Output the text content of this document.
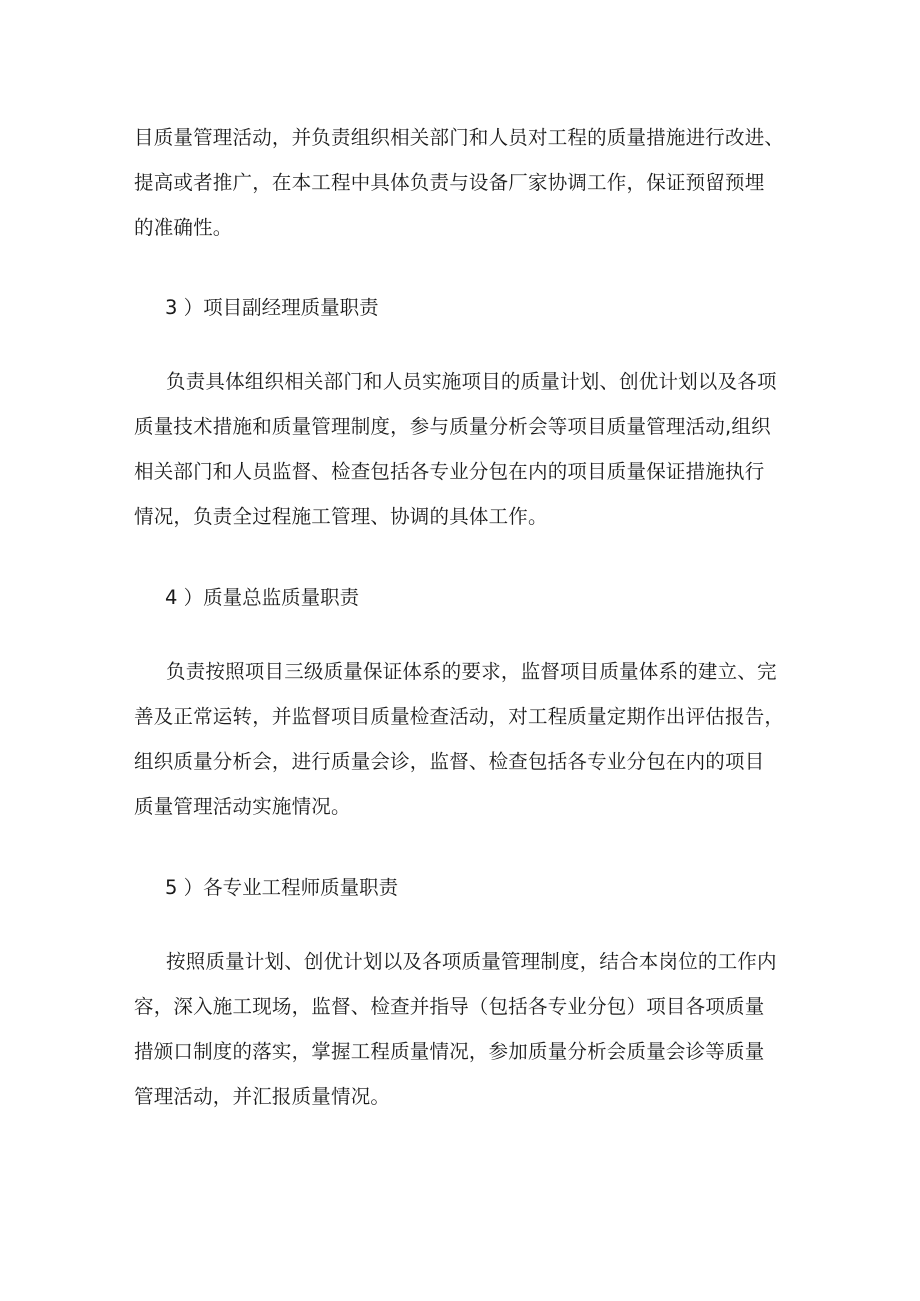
目质量管理活动，并负责组织相关部门和人员对工程的质量措施进行改进、
提高或者推广，在本工程中具体负责与设备厂家协调工作，保证预留预埋
的准确性。

3 ）项目副经理质量职责

负责具体组织相关部门和人员实施项目的质量计划、创优计划以及各项
质量技术措施和质量管理制度，参与质量分析会等项目质量管理活动,组织
相关部门和人员监督、检查包括各专业分包在内的项目质量保证措施执行
情况，负责全过程施工管理、协调的具体工作。

4 ）质量总监质量职责

负责按照项目三级质量保证体系的要求，监督项目质量体系的建立、完
善及正常运转，并监督项目质量检查活动，对工程质量定期作出评估报告，
组织质量分析会，进行质量会诊，监督、检查包括各专业分包在内的项目
质量管理活动实施情况。

5 ）各专业工程师质量职责

按照质量计划、创优计划以及各项质量管理制度，结合本岗位的工作内
容，深入施工现场，监督、检查并指导（包括各专业分包）项目各项质量
措颁口制度的落实，掌握工程质量情况，参加质量分析会质量会诊等质量
管理活动，并汇报质量情况。
